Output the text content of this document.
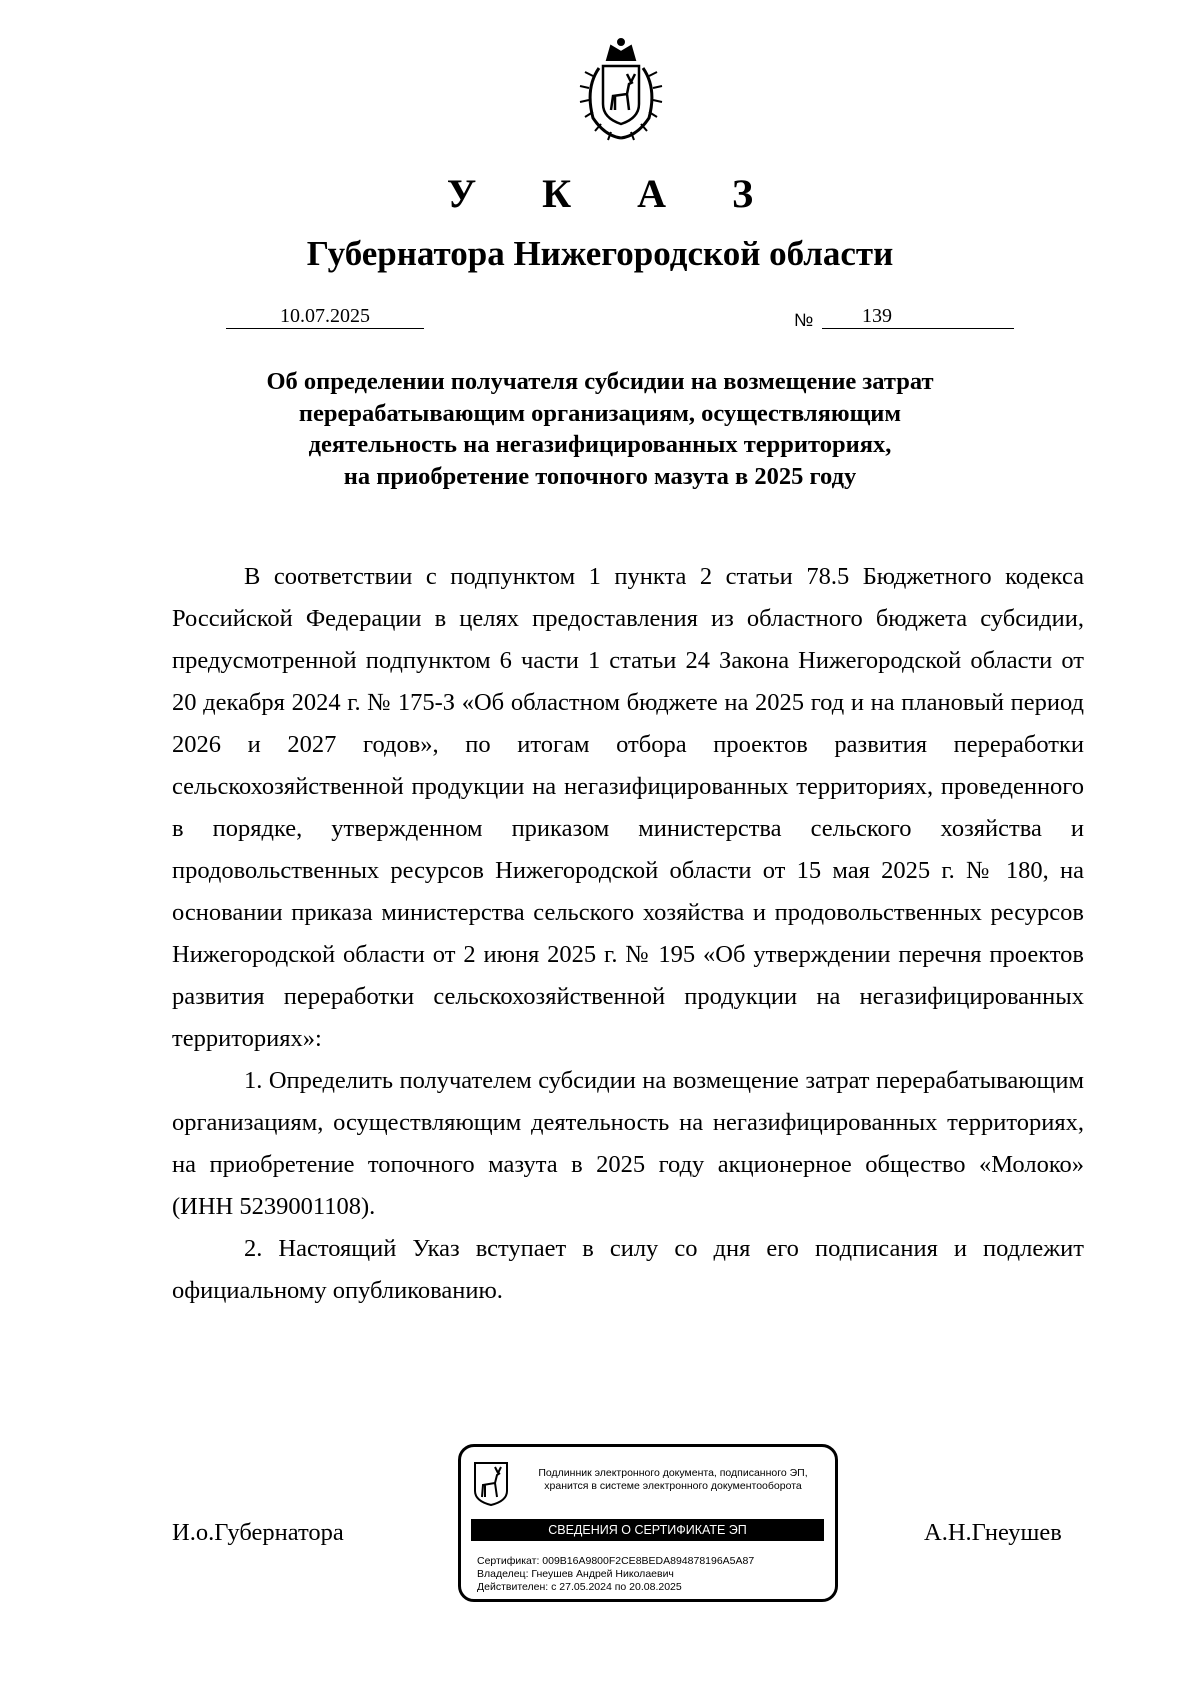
У К А З
Губернатора Нижегородской области
10.07.2025	№	139
Об определении получателя субсидии на возмещение затрат
перерабатывающим организациям, осуществляющим
деятельность на негазифицированных территориях,
на приобретение топочного мазута в 2025 году

В соответствии с подпунктом 1 пункта 2 статьи 78.5 Бюджетного кодекса Российской Федерации в целях предоставления из областного бюджета субсидии, предусмотренной подпунктом 6 части 1 статьи 24 Закона Нижегородской области от 20 декабря 2024 г. № 175-З «Об областном бюджете на 2025 год и на плановый период 2026 и 2027 годов», по итогам отбора проектов развития переработки сельскохозяйственной продукции на негазифицированных территориях, проведенного в порядке, утвержденном приказом министерства сельского хозяйства и продовольственных ресурсов Нижегородской области от 15 мая 2025 г. № 180, на основании приказа министерства сельского хозяйства и продовольственных ресурсов Нижегородской области от 2 июня 2025 г. № 195 «Об утверждении перечня проектов развития переработки сельскохозяйственной продукции на негазифицированных территориях»:

1. Определить получателем субсидии на возмещение затрат перерабатывающим организациям, осуществляющим деятельность на негазифицированных территориях, на приобретение топочного мазута в 2025 году акционерное общество «Молоко» (ИНН 5239001108).

2. Настоящий Указ вступает в силу со дня его подписания и подлежит официальному опубликованию.

И.о.Губернатора	А.Н.Гнеушев
Подлинник электронного документа, подписанного ЭП,
хранится в системе электронного документооборота
СВЕДЕНИЯ О СЕРТИФИКАТЕ ЭП
Сертификат: 009B16A9800F2CE8BEDA894878196A5A87
Владелец: Гнеушев Андрей Николаевич
Действителен: с 27.05.2024 по 20.08.2025
